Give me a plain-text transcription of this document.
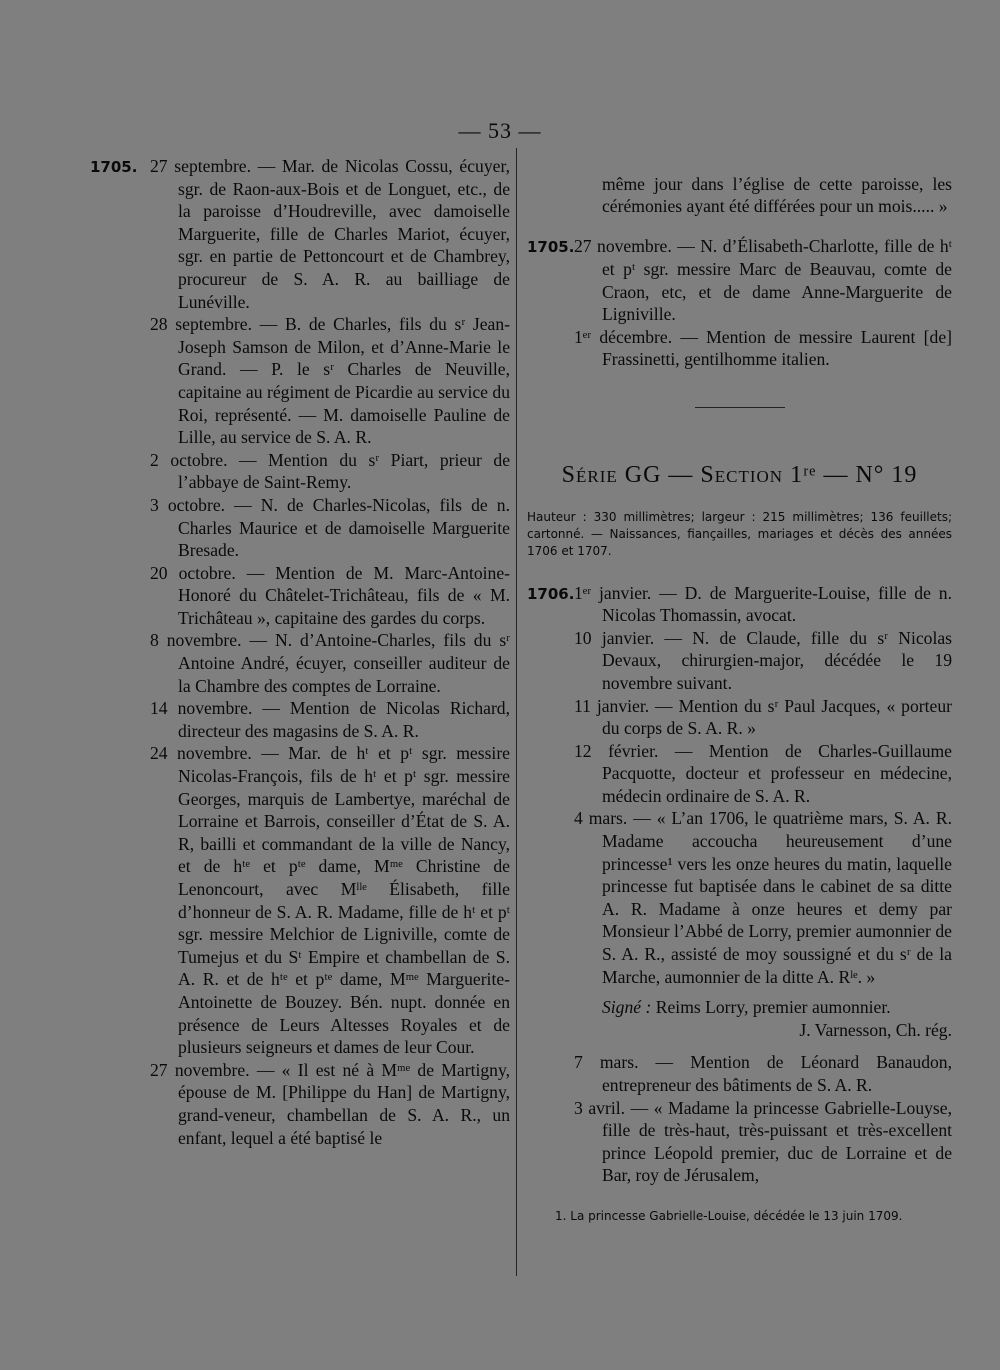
— 53 —

1705. 27 septembre. — Mar. de Nicolas Cossu, écuyer, sgr. de Raon-aux-Bois et de Longuet, etc., de la paroisse d’Houdreville, avec damoiselle Marguerite, fille de Charles Mariot, écuyer, sgr. en partie de Pettoncourt et de Chambrey, procureur de S. A. R. au bailliage de Lunéville.

28 septembre. — B. de Charles, fils du sʳ Jean-Joseph Samson de Milon, et d’Anne-Marie le Grand. — P. le sʳ Charles de Neuville, capitaine au régiment de Picardie au service du Roi, représenté. — M. damoiselle Pauline de Lille, au service de S. A. R.

2 octobre. — Mention du sʳ Piart, prieur de l’abbaye de Saint-Remy.

3 octobre. — N. de Charles-Nicolas, fils de n. Charles Maurice et de damoiselle Marguerite Bresade.

20 octobre. — Mention de M. Marc-Antoine-Honoré du Châtelet-Trichâteau, fils de « M. Trichâteau », capitaine des gardes du corps.

8 novembre. — N. d’Antoine-Charles, fils du sʳ Antoine André, écuyer, conseiller auditeur de la Chambre des comptes de Lorraine.

14 novembre. — Mention de Nicolas Richard, directeur des magasins de S. A. R.

24 novembre. — Mar. de hᵗ et pᵗ sgr. messire Nicolas-François, fils de hᵗ et pᵗ sgr. messire Georges, marquis de Lambertye, maréchal de Lorraine et Barrois, conseiller d’État de S. A. R, bailli et commandant de la ville de Nancy, et de hᵗᵉ et pᵗᵉ dame, Mᵐᵉ Christine de Lenoncourt, avec Mˡˡᵉ Élisabeth, fille d’honneur de S. A. R. Madame, fille de hᵗ et pᵗ sgr. messire Melchior de Ligniville, comte de Tumejus et du Sᵗ Empire et chambellan de S. A. R. et de hᵗᵉ et pᵗᵉ dame, Mᵐᵉ Marguerite-Antoinette de Bouzey. Bén. nupt. donnée en présence de Leurs Altesses Royales et de plusieurs seigneurs et dames de leur Cour.

27 novembre. — « Il est né à Mᵐᵉ de Martigny, épouse de M. [Philippe du Han] de Martigny, grand-veneur, chambellan de S. A. R., un enfant, lequel a été baptisé le

même jour dans l’église de cette paroisse, les cérémonies ayant été différées pour un mois..... »

1705. 27 novembre. — N. d’Élisabeth-Charlotte, fille de hᵗ et pᵗ sgr. messire Marc de Beauvau, comte de Craon, etc, et de dame Anne-Marguerite de Ligniville.

1ᵉʳ décembre. — Mention de messire Laurent [de] Frassinetti, gentilhomme italien.

Série GG — Section 1ʳᵉ — N° 19
Hauteur : 330 millimètres; largeur : 215 millimètres; 136 feuillets; cartonné. — Naissances, fiançailles, mariages et décès des années 1706 et 1707.

1706. 1ᵉʳ janvier. — D. de Marguerite-Louise, fille de n. Nicolas Thomassin, avocat.

10 janvier. — N. de Claude, fille du sʳ Nicolas Devaux, chirurgien-major, décédée le 19 novembre suivant.

11 janvier. — Mention du sʳ Paul Jacques, « porteur du corps de S. A. R. »

12 février. — Mention de Charles-Guillaume Pacquotte, docteur et professeur en médecine, médecin ordinaire de S. A. R.

4 mars. — « L’an 1706, le quatrième mars, S. A. R. Madame accoucha heureusement d’une princesse¹ vers les onze heures du matin, laquelle princesse fut baptisée dans le cabinet de sa ditte A. R. Madame à onze heures et demy par Monsieur l’Abbé de Lorry, premier aumonnier de S. A. R., assisté de moy soussigné et du sʳ de la Marche, aumonnier de la ditte A. Rˡᵉ. »

Signé : Reims Lorry, premier aumonnier.
J. Varnesson, Ch. rég.

7 mars. — Mention de Léonard Banaudon, entrepreneur des bâtiments de S. A. R.

3 avril. — « Madame la princesse Gabrielle-Louyse, fille de très-haut, très-puissant et très-excellent prince Léopold premier, duc de Lorraine et de Bar, roy de Jérusalem,

1. La princesse Gabrielle-Louise, décédée le 13 juin 1709.
